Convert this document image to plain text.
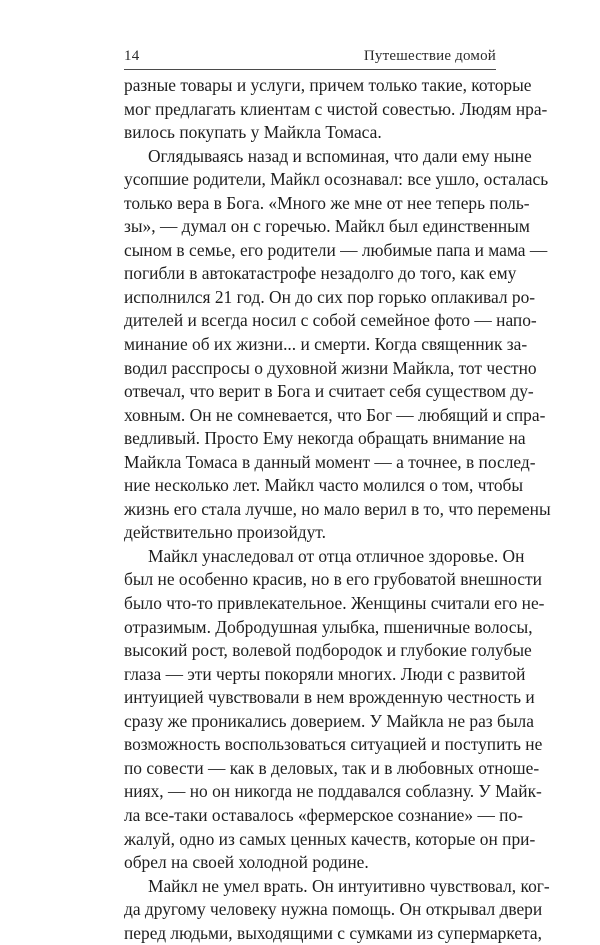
14	Путешествие домой
разные товары и услуги, причем только такие, которые
мог предлагать клиентам с чистой совестью. Людям нра-
вилось покупать у Майкла Томаса.
Оглядываясь назад и вспоминая, что дали ему ныне
усопшие родители, Майкл осознавал: все ушло, осталась
только вера в Бога. «Много же мне от нее теперь поль-
зы», — думал он с горечью. Майкл был единственным
сыном в семье, его родители — любимые папа и мама —
погибли в автокатастрофе незадолго до того, как ему
исполнился 21 год. Он до сих пор горько оплакивал ро-
дителей и всегда носил с собой семейное фото — напо-
минание об их жизни... и смерти. Когда священник за-
водил расспросы о духовной жизни Майкла, тот честно
отвечал, что верит в Бога и считает себя существом ду-
ховным. Он не сомневается, что Бог — любящий и спра-
ведливый. Просто Ему некогда обращать внимание на
Майкла Томаса в данный момент — а точнее, в послед-
ние несколько лет. Майкл часто молился о том, чтобы
жизнь его стала лучше, но мало верил в то, что перемены
действительно произойдут.
Майкл унаследовал от отца отличное здоровье. Он
был не особенно красив, но в его грубоватой внешности
было что-то привлекательное. Женщины считали его не-
отразимым. Добродушная улыбка, пшеничные волосы,
высокий рост, волевой подбородок и глубокие голубые
глаза — эти черты покоряли многих. Люди с развитой
интуицией чувствовали в нем врожденную честность и
сразу же проникались доверием. У Майкла не раз была
возможность воспользоваться ситуацией и поступить не
по совести — как в деловых, так и в любовных отноше-
ниях, — но он никогда не поддавался соблазну. У Майк-
ла все-таки оставалось «фермерское сознание» — по-
жалуй, одно из самых ценных качеств, которые он при-
обрел на своей холодной родине.
Майкл не умел врать. Он интуитивно чувствовал, ког-
да другому человеку нужна помощь. Он открывал двери
перед людьми, выходящими с сумками из супермаркета,
